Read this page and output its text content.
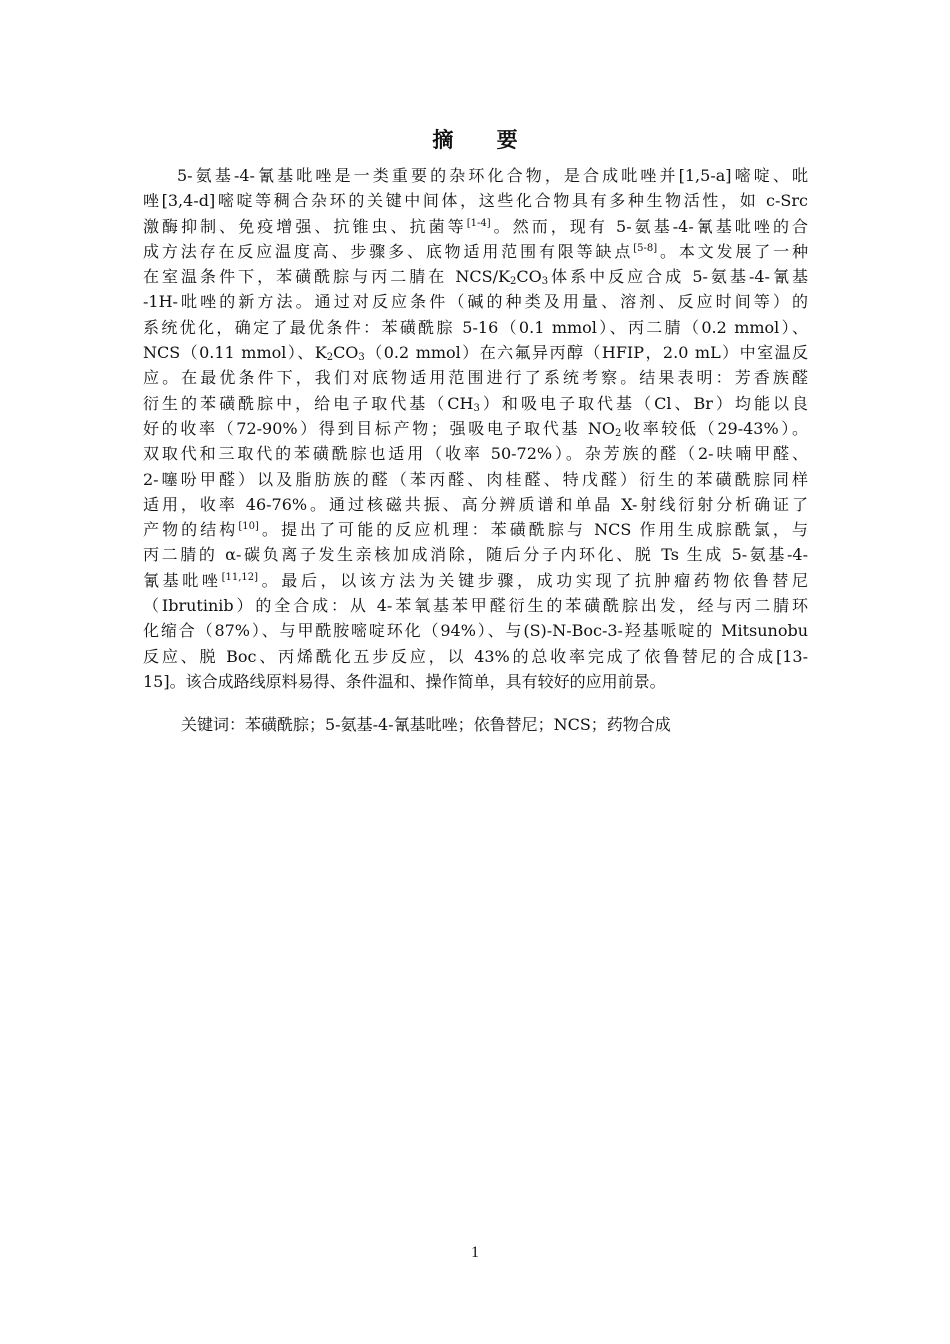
摘 要
5-氨基-4-氰基吡唑是一类重要的杂环化合物，是合成吡唑并[1,5-a]嘧啶、吡
唑[3,4-d]嘧啶等稠合杂环的关键中间体，这些化合物具有多种生物活性，如 c-Src
激酶抑制、免疫增强、抗锥虫、抗菌等[1-4]。然而，现有 5-氨基-4-氰基吡唑的合
成方法存在反应温度高、步骤多、底物适用范围有限等缺点[5-8]。本文发展了一种
在室温条件下，苯磺酰腙与丙二腈在 NCS/$K_2CO_3$体系中反应合成 5-氨基-4-氰基
-1H-吡唑的新方法。通过对反应条件（碱的种类及用量、溶剂、反应时间等）的
系统优化，确定了最优条件：苯磺酰腙 5-16（0.1 mmol）、丙二腈（0.2 mmol）、
NCS（0.11 mmol）、$K_2CO_3(0.2$ mmol）在六氟异丙醇（HFIP，2.0 mL）中室温反
应。在最优条件下，我们对底物适用范围进行了系统考察。结果表明：芳香族醛
衍生的苯磺酰腙中，给电子取代基$(CH_3)$和吸电子取代基（Cl、Br）均能以良
好的收率（72-90%）得到目标产物；强吸电子取代基 $NO_2$收率较低（29-43%）。
双取代和三取代的苯磺酰腙也适用（收率 50-72%）。杂芳族的醛（2-呋喃甲醛、
2-噻吩甲醛）以及脂肪族的醛（苯丙醛、肉桂醛、特戊醛）衍生的苯磺酰腙同样
适用，收率 46-76%。通过核磁共振、高分辨质谱和单晶 X-射线衍射分析确证了
产物的结构[10]。提出了可能的反应机理：苯磺酰腙与 NCS 作用生成腙酰氯，与
丙二腈的 α-碳负离子发生亲核加成消除，随后分子内环化、脱 Ts 生成 5-氨基-4-
氰基吡唑[11,12]。最后，以该方法为关键步骤，成功实现了抗肿瘤药物依鲁替尼
（Ibrutinib）的全合成：从 4-苯氧基苯甲醛衍生的苯磺酰腙出发，经与丙二腈环
化缩合（87%）、与甲酰胺嘧啶环化（94%）、与(S)-N-Boc-3-羟基哌啶的 Mitsunobu
反应、脱 Boc、丙烯酰化五步反应，以 43%的总收率完成了依鲁替尼的合成[13-
15]。该合成路线原料易得、条件温和、操作简单，具有较好的应用前景。
关键词：苯磺酰腙；5-氨基-4-氰基吡唑；依鲁替尼；NCS；药物合成
1
